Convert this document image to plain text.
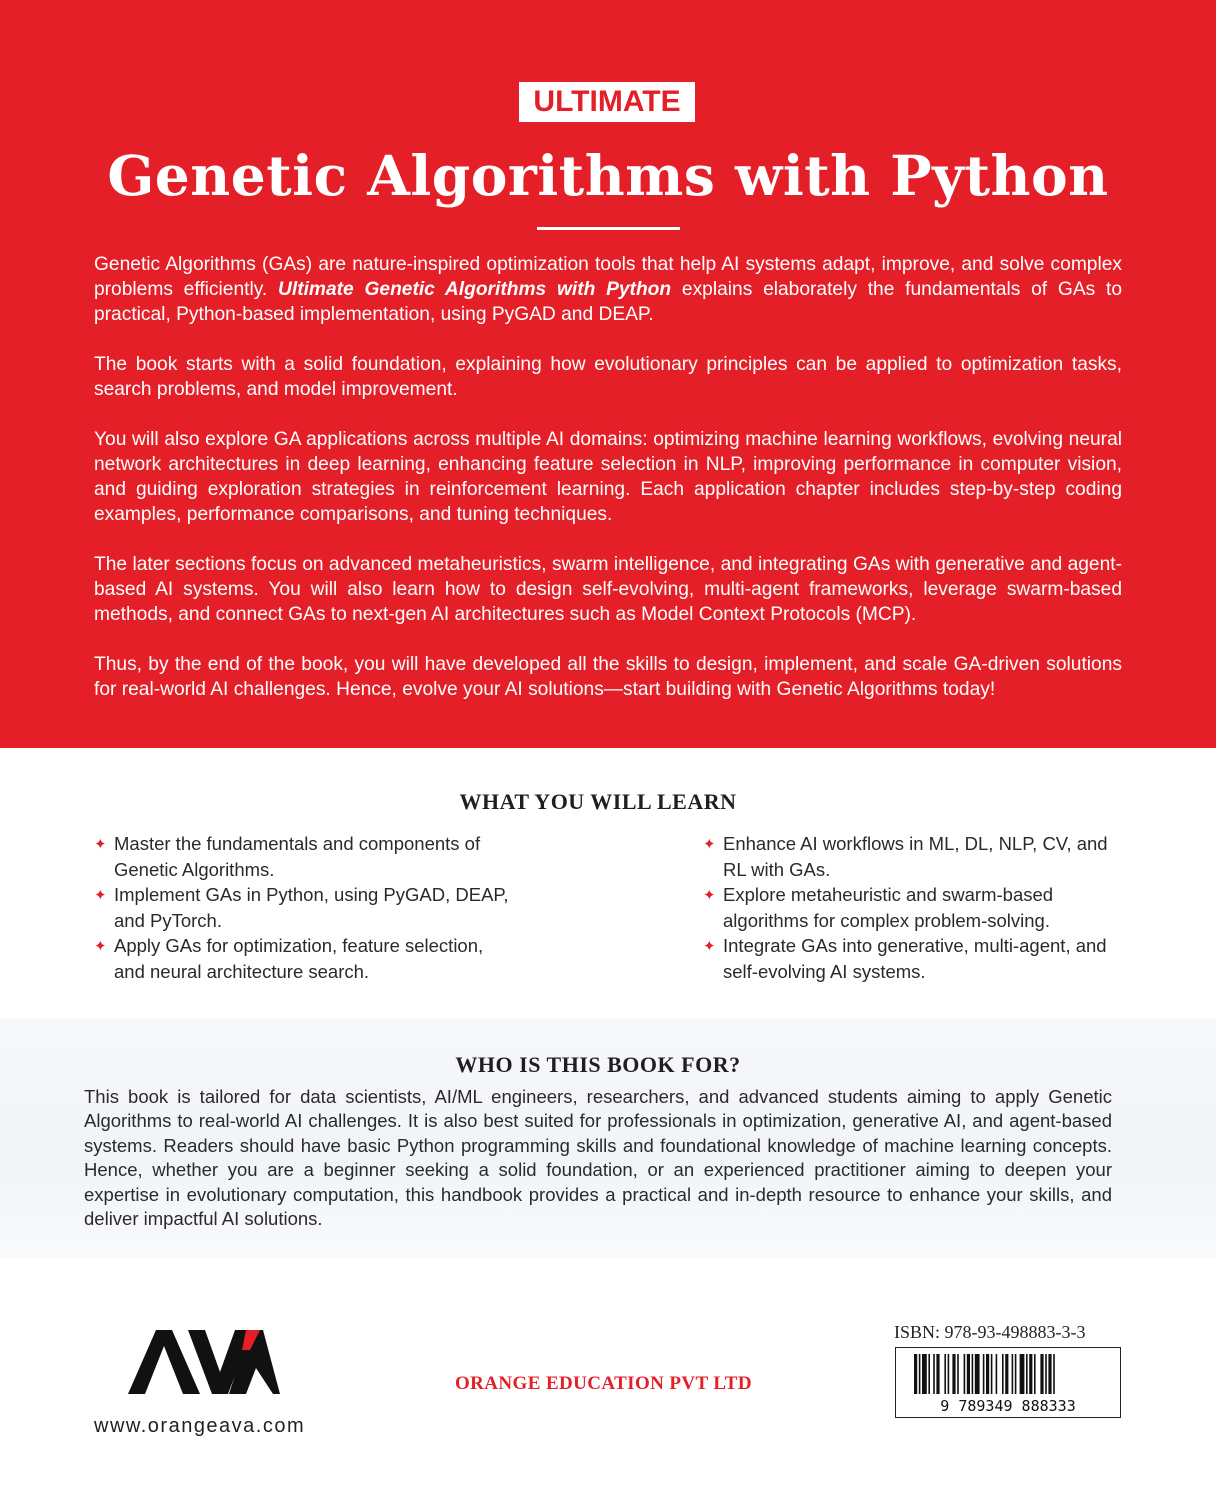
ULTIMATE
Genetic Algorithms with Python

Genetic Algorithms (GAs) are nature-inspired optimization tools that help AI systems adapt, improve, and solve complex problems efficiently. Ultimate Genetic Algorithms with Python explains elaborately the fundamentals of GAs to practical, Python-based implementation, using PyGAD and DEAP.

The book starts with a solid foundation, explaining how evolutionary principles can be applied to optimization tasks, search problems, and model improvement.

You will also explore GA applications across multiple AI domains: optimizing machine learning workflows, evolving neural network architectures in deep learning, enhancing feature selection in NLP, improving performance in computer vision, and guiding exploration strategies in reinforcement learning. Each application chapter includes step-by-step coding examples, performance comparisons, and tuning techniques.

The later sections focus on advanced metaheuristics, swarm intelligence, and integrating GAs with generative and agent-based AI systems. You will also learn how to design self-evolving, multi-agent frameworks, leverage swarm-based methods, and connect GAs to next-gen AI architectures such as Model Context Protocols (MCP).

Thus, by the end of the book, you will have developed all the skills to design, implement, and scale GA-driven solutions for real-world AI challenges. Hence, evolve your AI solutions—start building with Genetic Algorithms today!

WHAT YOU WILL LEARN
✦ Master the fundamentals and components of Genetic Algorithms.
✦ Implement GAs in Python, using PyGAD, DEAP, and PyTorch.
✦ Apply GAs for optimization, feature selection, and neural architecture search.
✦ Enhance AI workflows in ML, DL, NLP, CV, and RL with GAs.
✦ Explore metaheuristic and swarm-based algorithms for complex problem-solving.
✦ Integrate GAs into generative, multi-agent, and self-evolving AI systems.
WHO IS THIS BOOK FOR?

This book is tailored for data scientists, AI/ML engineers, researchers, and advanced students aiming to apply Genetic Algorithms to real-world AI challenges. It is also best suited for professionals in optimization, generative AI, and agent-based systems. Readers should have basic Python programming skills and foundational knowledge of machine learning concepts. Hence, whether you are a beginner seeking a solid foundation, or an experienced practitioner aiming to deepen your expertise in evolutionary computation, this handbook provides a practical and in-depth resource to enhance your skills, and deliver impactful AI solutions.

www.orangeava.com
ORANGE EDUCATION PVT LTD
ISBN: 978-93-498883-3-3
9 789349 888333
